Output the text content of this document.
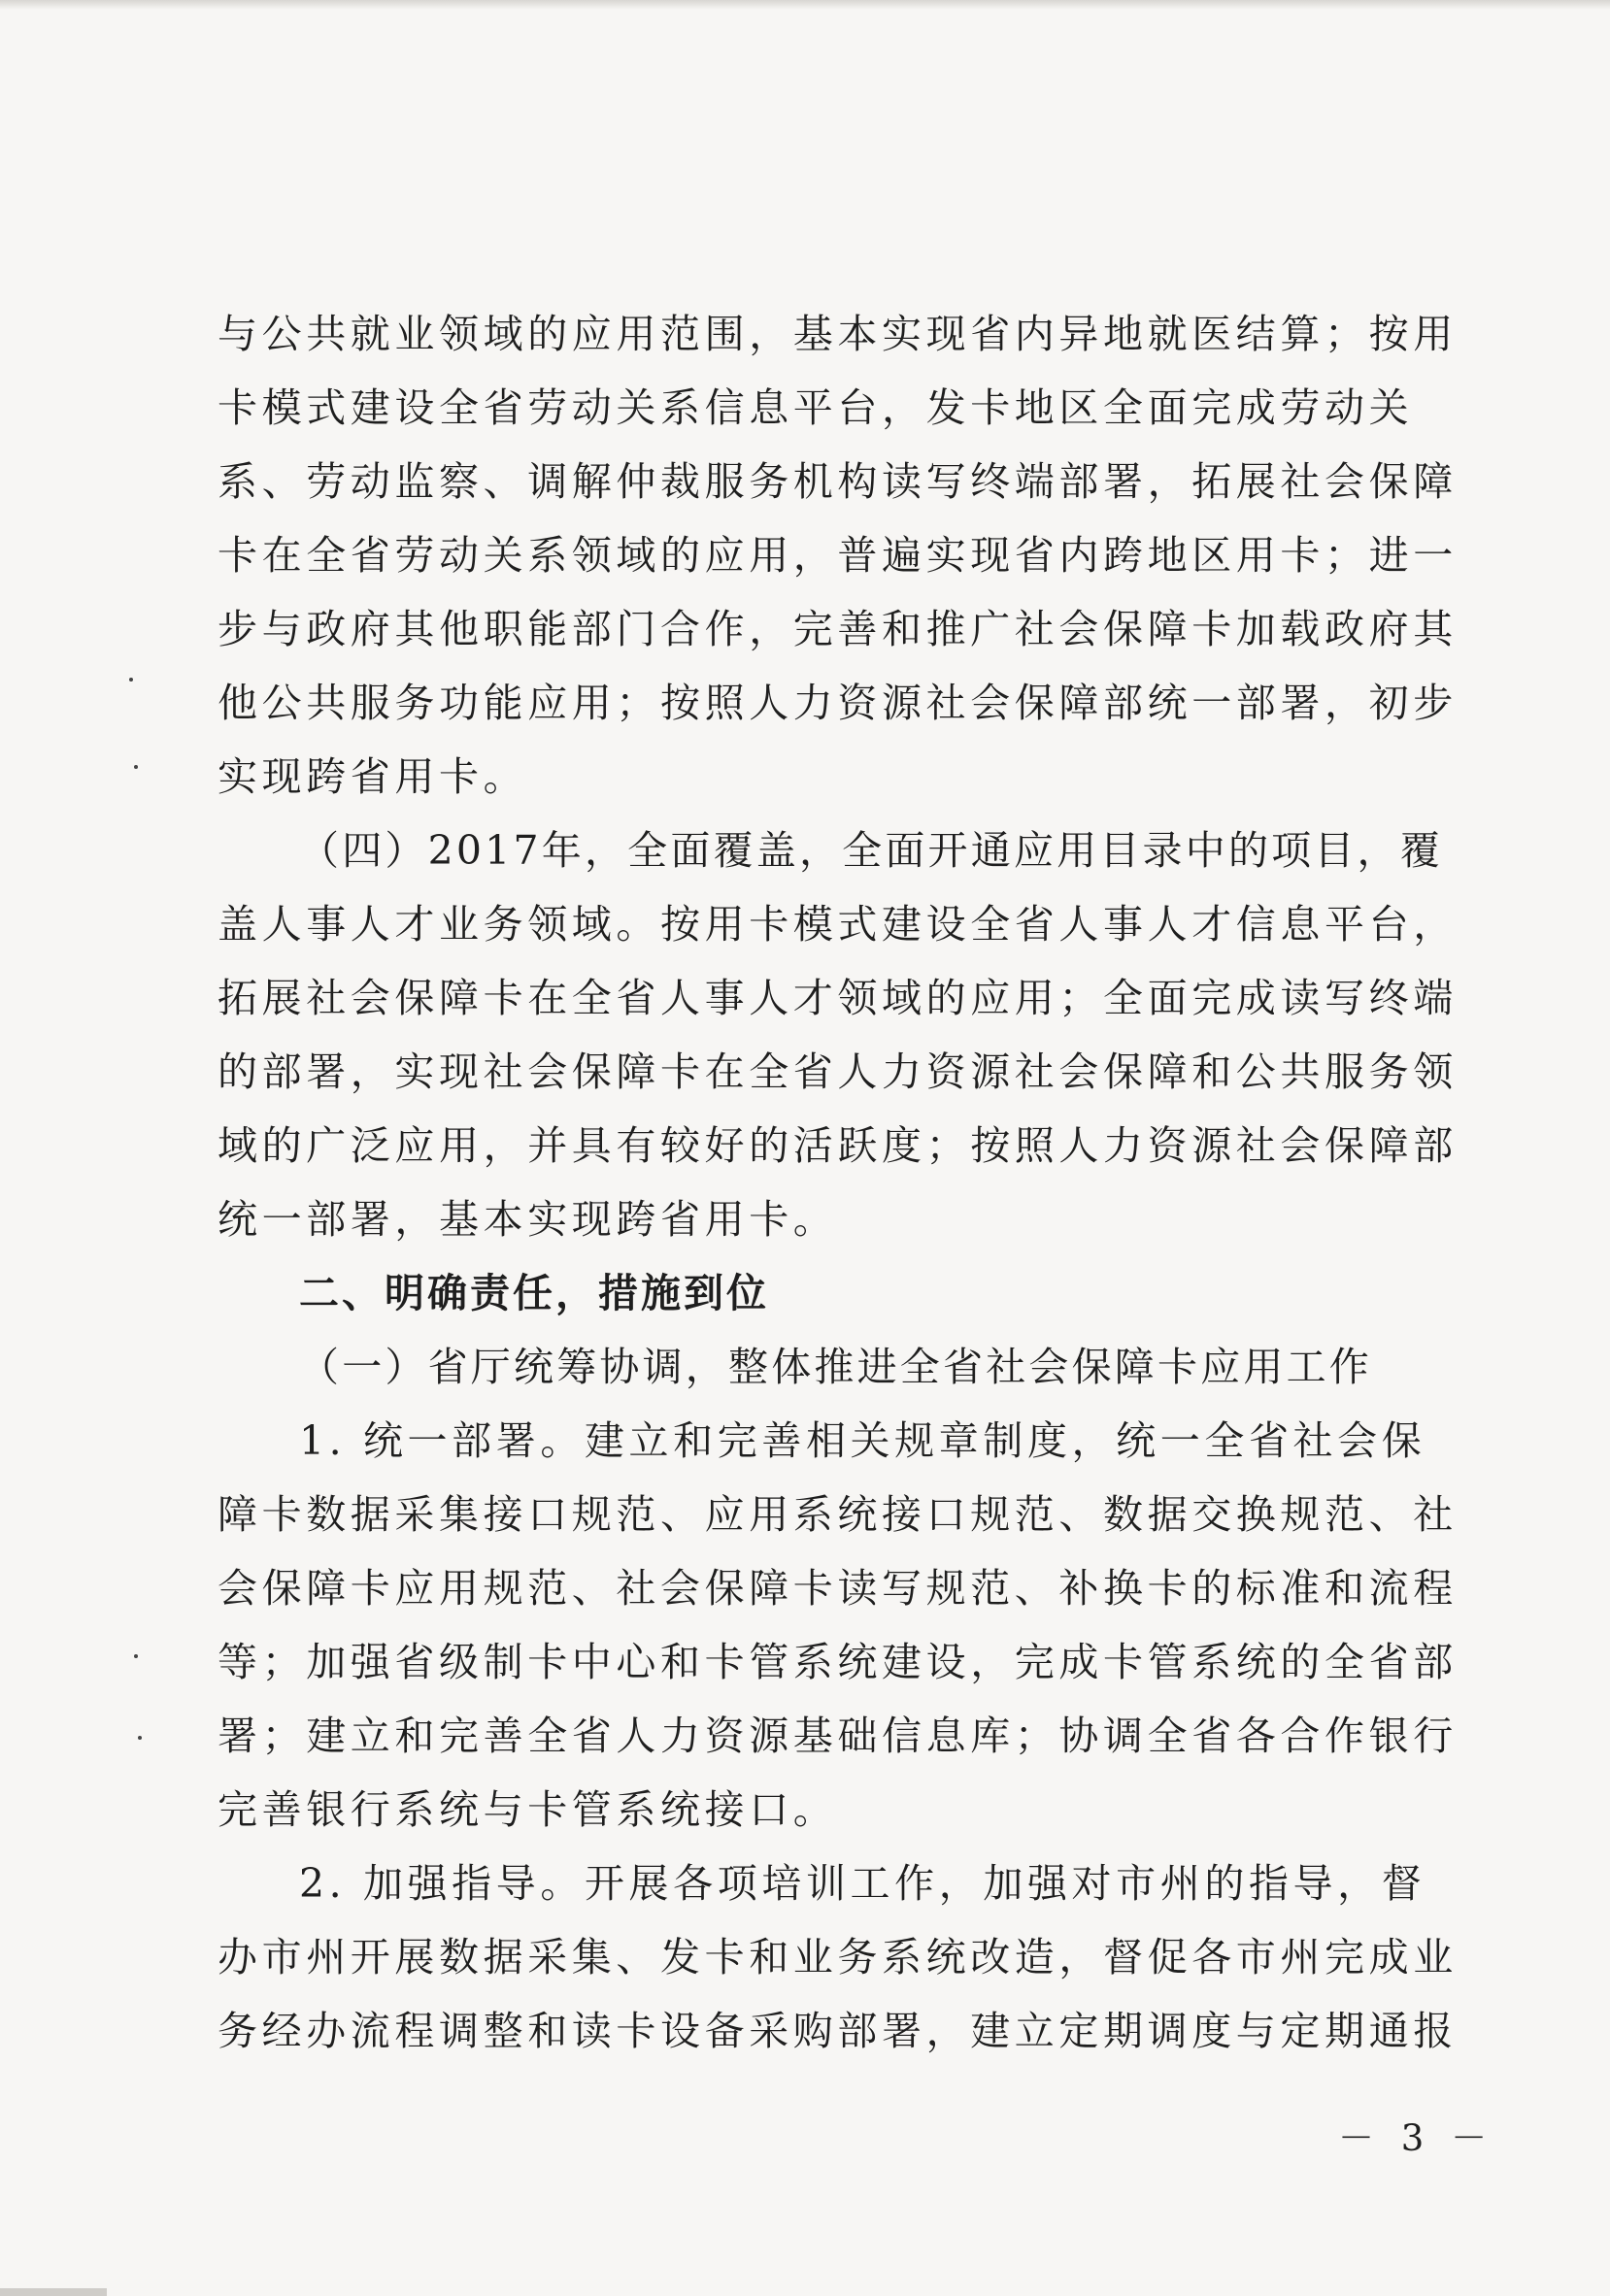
与公共就业领域的应用范围，基本实现省内异地就医结算；按用
卡模式建设全省劳动关系信息平台，发卡地区全面完成劳动关
系、劳动监察、调解仲裁服务机构读写终端部署，拓展社会保障
卡在全省劳动关系领域的应用，普遍实现省内跨地区用卡；进一
步与政府其他职能部门合作，完善和推广社会保障卡加载政府其
他公共服务功能应用；按照人力资源社会保障部统一部署，初步
实现跨省用卡。
（四）2017年，全面覆盖，全面开通应用目录中的项目，覆
盖人事人才业务领域。按用卡模式建设全省人事人才信息平台，
拓展社会保障卡在全省人事人才领域的应用；全面完成读写终端
的部署，实现社会保障卡在全省人力资源社会保障和公共服务领
域的广泛应用，并具有较好的活跃度；按照人力资源社会保障部
统一部署，基本实现跨省用卡。
二、明确责任，措施到位
（一）省厅统筹协调，整体推进全省社会保障卡应用工作
1. 统一部署。建立和完善相关规章制度，统一全省社会保
障卡数据采集接口规范、应用系统接口规范、数据交换规范、社
会保障卡应用规范、社会保障卡读写规范、补换卡的标准和流程
等；加强省级制卡中心和卡管系统建设，完成卡管系统的全省部
署；建立和完善全省人力资源基础信息库；协调全省各合作银行
完善银行系统与卡管系统接口。
2. 加强指导。开展各项培训工作，加强对市州的指导，督
办市州开展数据采集、发卡和业务系统改造，督促各市州完成业
务经办流程调整和读卡设备采购部署，建立定期调度与定期通报
－ 3 －
